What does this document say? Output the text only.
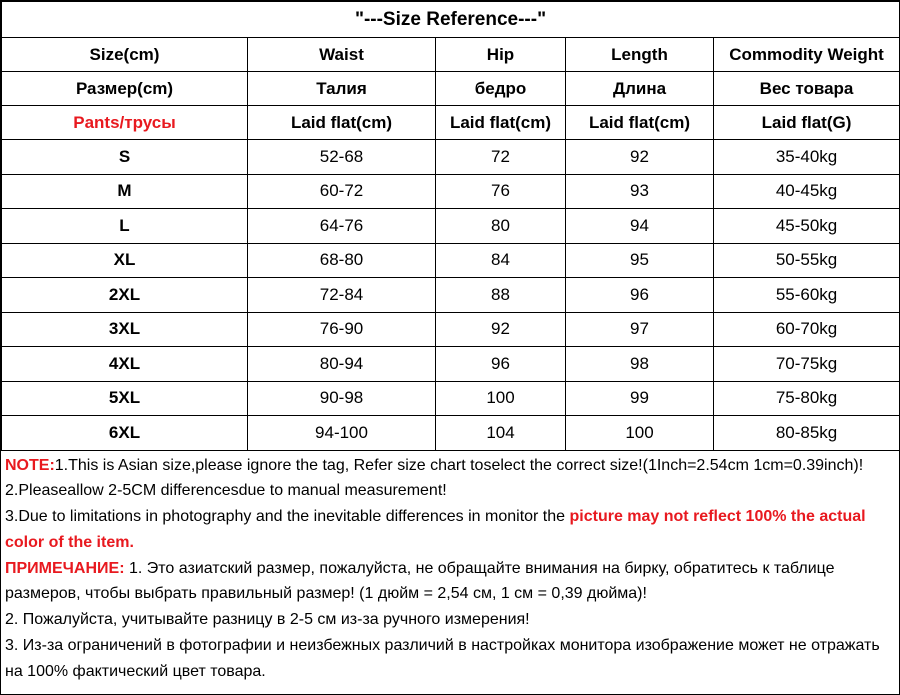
"---Size Reference---"				
Size(cm)	Waist	Hip	Length	Commodity Weight
Размер(cm)	Талия	бедро	Длина	Вес товара
Pants/трусы	Laid flat(cm)	Laid flat(cm)	Laid flat(cm)	Laid flat(G)
S	52-68	72	92	35-40kg
M	60-72	76	93	40-45kg
L	64-76	80	94	45-50kg
XL	68-80	84	95	50-55kg
2XL	72-84	88	96	55-60kg
3XL	76-90	92	97	60-70kg
4XL	80-94	96	98	70-75kg
5XL	90-98	100	99	75-80kg
6XL	94-100	104	100	80-85kg

NOTE:1.This is Asian size,please ignore the tag, Refer size chart toselect the correct size!(1Inch=2.54cm 1cm=0.39inch)!

2.Pleaseallow 2-5CM differencesdue to manual measurement!

3.Due to limitations in photography and the inevitable differences in monitor the picture may not reflect 100% the actual color of the item.

ПРИМЕЧАНИЕ: 1. Это азиатский размер, пожалуйста, не обращайте внимания на бирку, обратитесь к таблице размеров, чтобы выбрать правильный размер! (1 дюйм = 2,54 см, 1 см = 0,39 дюйма)!

2. Пожалуйста, учитывайте разницу в 2-5 см из-за ручного измерения!

3. Из-за ограничений в фотографии и неизбежных различий в настройках монитора изображение может не отражать на 100% фактический цвет товара.
